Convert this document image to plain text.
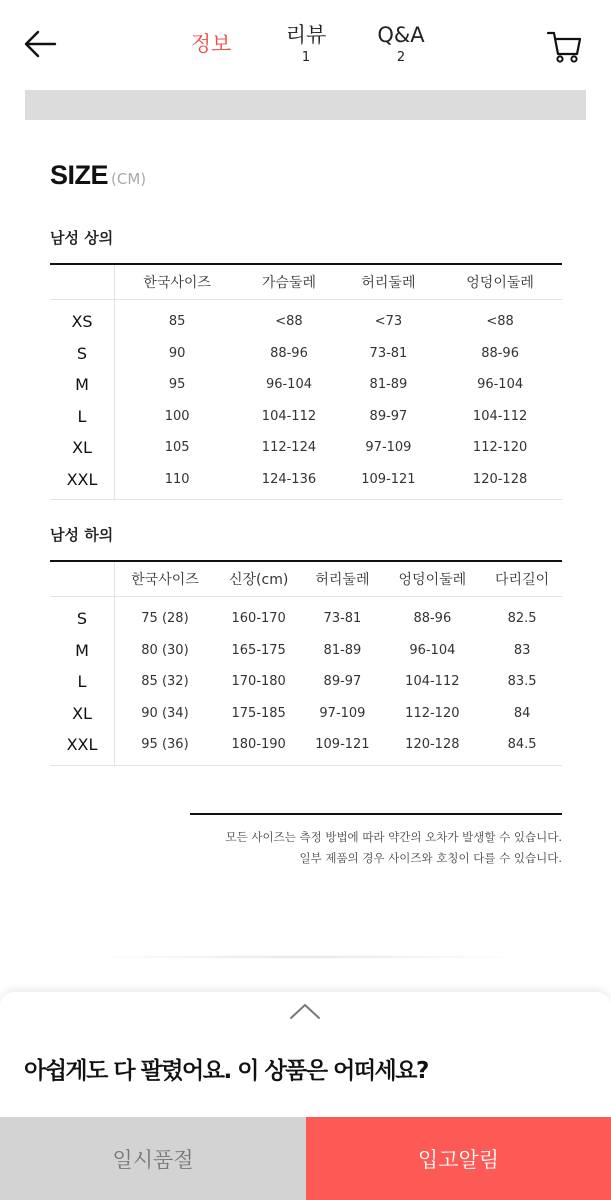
정보	리뷰
1
Q&A
2
SIZE (CM)
남성 상의
	한국사이즈	가슴둘레	허리둘레	엉덩이둘레
XS	85	<88	<73	<88
S	90	88-96	73-81	88-96
M	95	96-104	81-89	96-104
L	100	104-112	89-97	104-112
XL	105	112-124	97-109	112-120
XXL	110	124-136	109-121	120-128
남성 하의
	한국사이즈	신장(cm)	허리둘레	엉덩이둘레	다리길이
S	75 (28)	160-170	73-81	88-96	82.5
M	80 (30)	165-175	81-89	96-104	83
L	85 (32)	170-180	89-97	104-112	83.5
XL	90 (34)	175-185	97-109	112-120	84
XXL	95 (36)	180-190	109-121	120-128	84.5
모든 사이즈는 측정 방법에 따라 약간의 오차가 발생할 수 있습니다.
일부 제품의 경우 사이즈와 호칭이 다를 수 있습니다.
아쉽게도 다 팔렸어요. 이 상품은 어떠세요?
일시품절	입고알림
